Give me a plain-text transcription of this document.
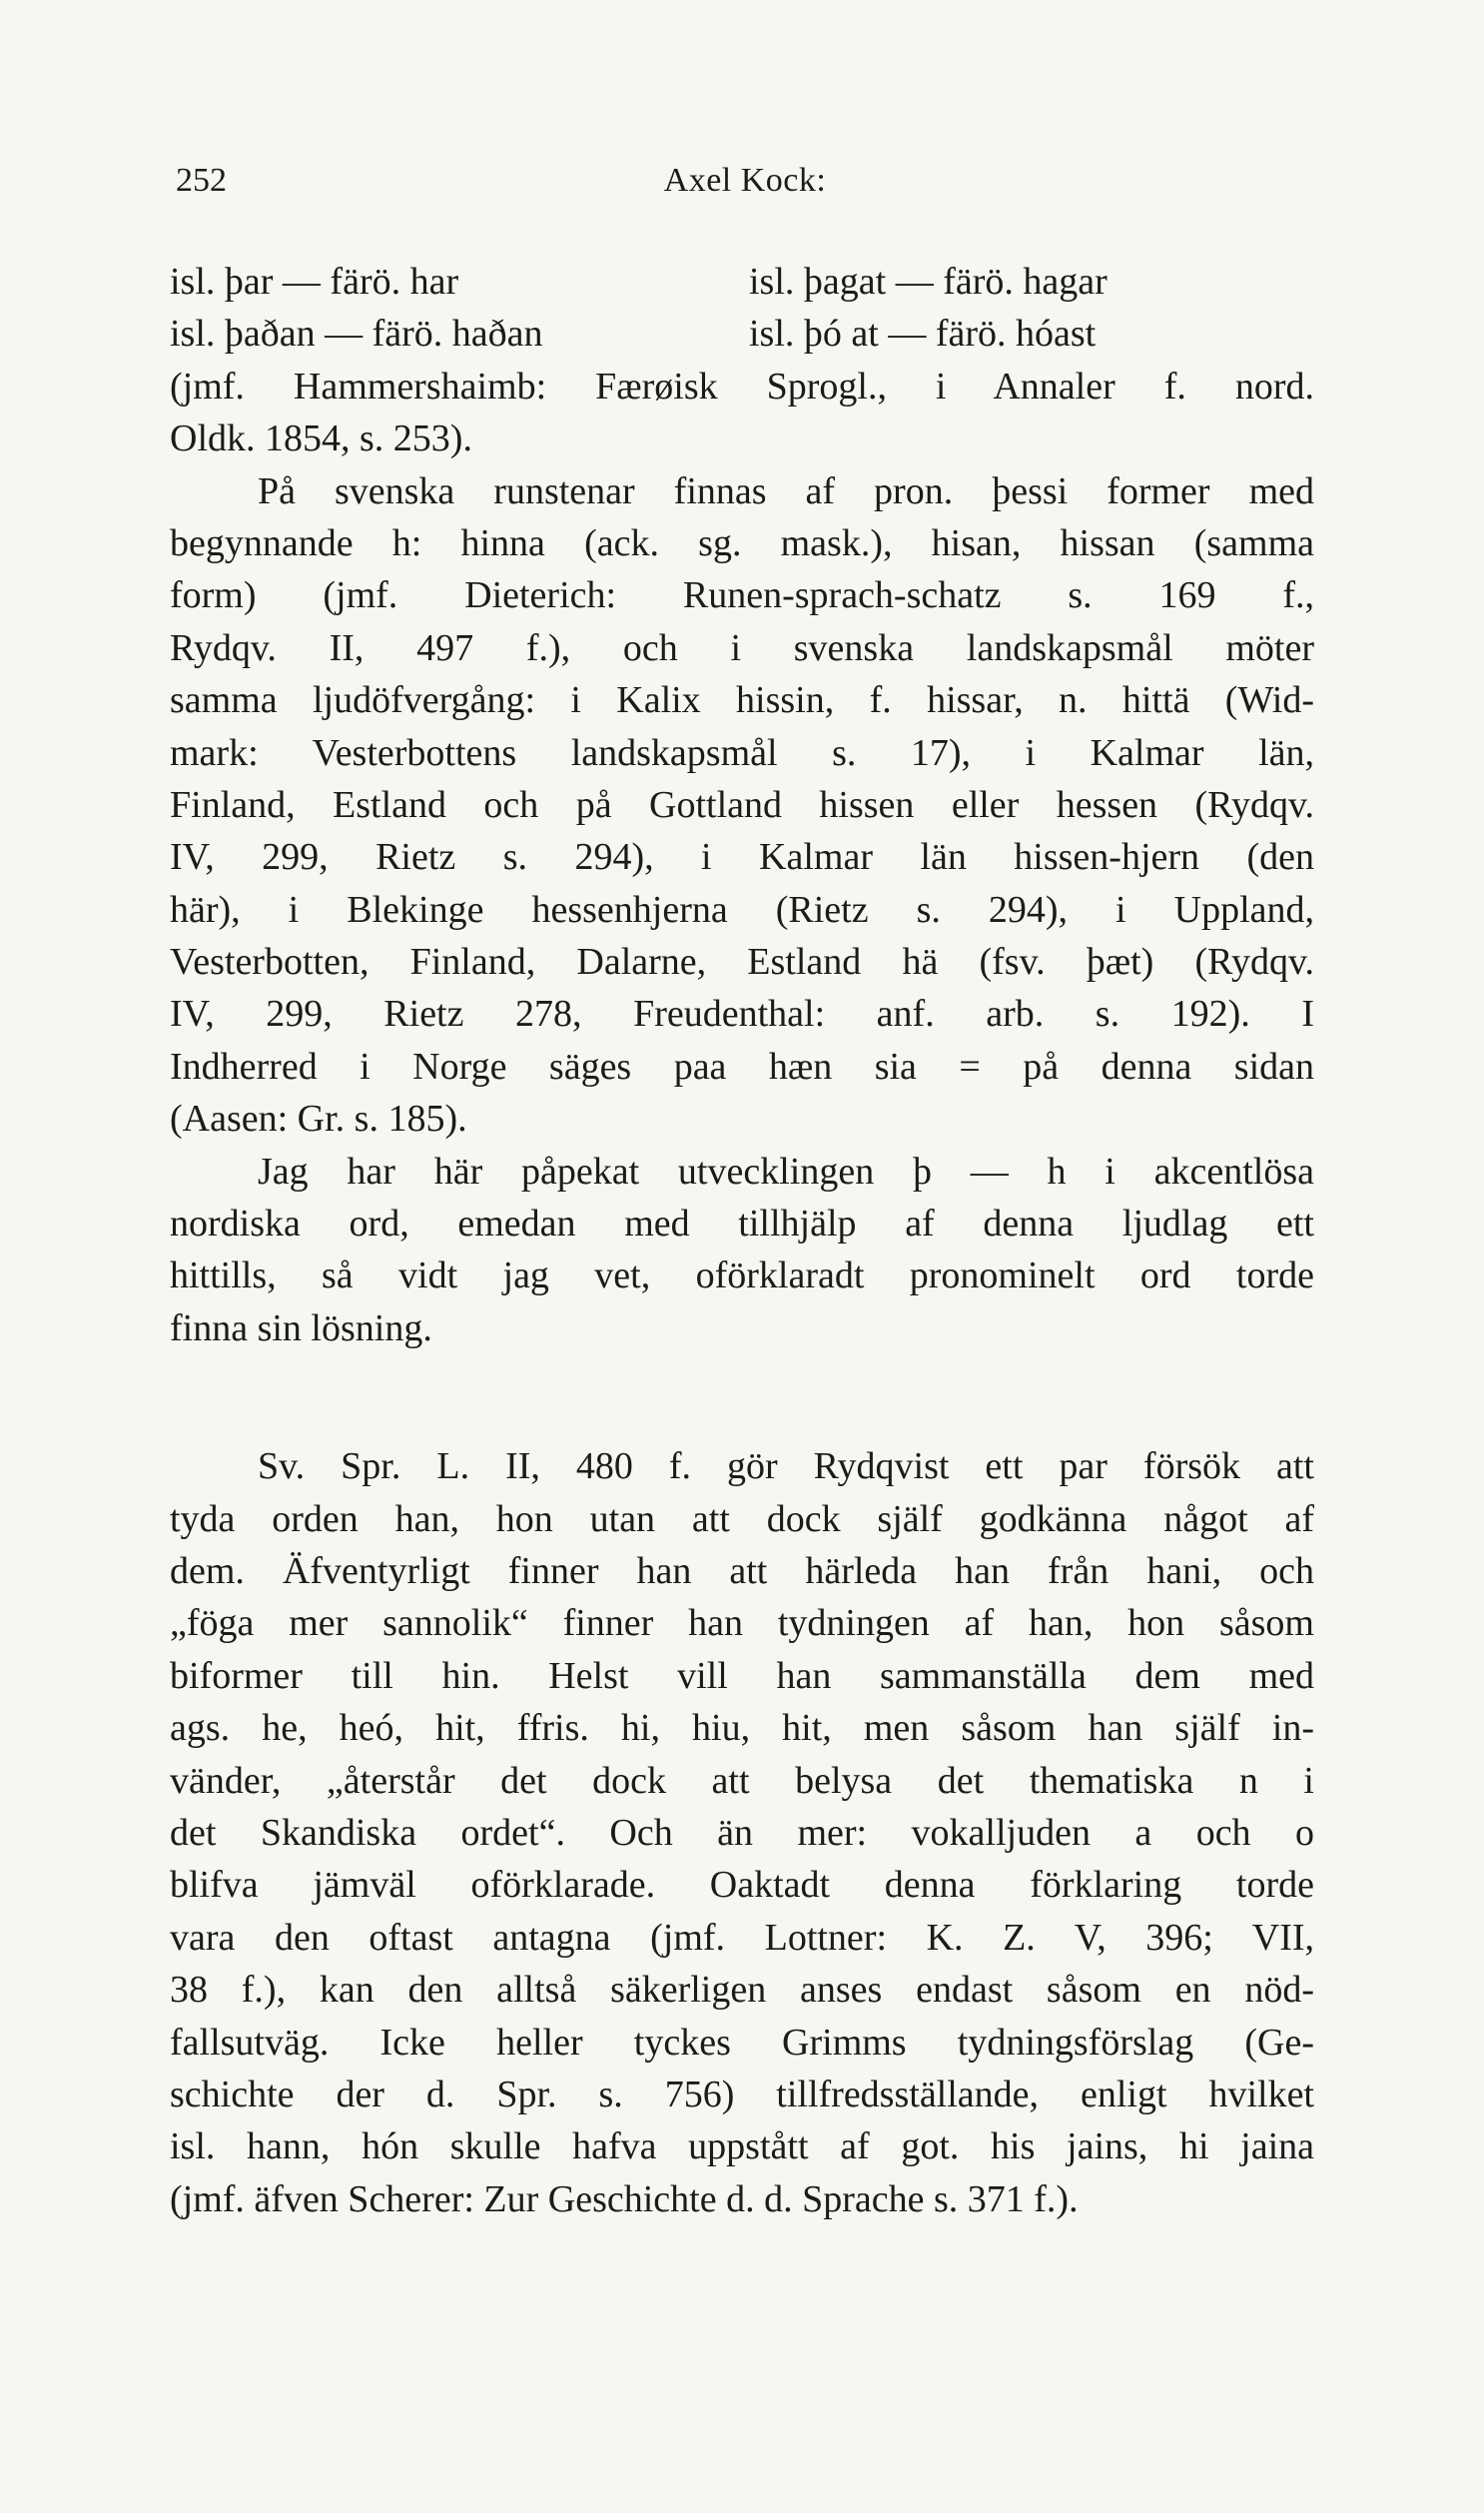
252	Axel Kock:
isl. þar — färö. har	isl. þagat — färö. hagar
isl. þaðan — färö. haðan	isl. þó at — färö. hóast
(jmf. Hammershaimb: Færøisk Sprogl., i Annaler f. nord.
Oldk. 1854, s. 253).
På svenska runstenar finnas af pron. þessi former med
begynnande h: hinna (ack. sg. mask.), hisan, hissan (samma
form) (jmf. Dieterich: Runen-sprach-schatz s. 169 f.,
Rydqv. II, 497 f.), och i svenska landskapsmål möter
samma ljudöfvergång: i Kalix hissin, f. hissar, n. hittä (Wid-
mark: Vesterbottens landskapsmål s. 17), i Kalmar län,
Finland, Estland och på Gottland hissen eller hessen (Rydqv.
IV, 299, Rietz s. 294), i Kalmar län hissen-hjern (den
här), i Blekinge hessenhjerna (Rietz s. 294), i Uppland,
Vesterbotten, Finland, Dalarne, Estland hä (fsv. þæt) (Rydqv.
IV, 299, Rietz 278, Freudenthal: anf. arb. s. 192). I
Indherred i Norge säges paa hæn sia = på denna sidan
(Aasen: Gr. s. 185).
Jag har här påpekat utvecklingen þ — h i akcentlösa
nordiska ord, emedan med tillhjälp af denna ljudlag ett
hittills, så vidt jag vet, oförklaradt pronominelt ord torde
finna sin lösning.
Sv. Spr. L. II, 480 f. gör Rydqvist ett par försök att
tyda orden han, hon utan att dock själf godkänna något af
dem. Äfventyrligt finner han att härleda han från hani, och
„föga mer sannolik“ finner han tydningen af han, hon såsom
biformer till hin. Helst vill han sammanställa dem med
ags. he, heó, hit, ffris. hi, hiu, hit, men såsom han själf in-
vänder, „återstår det dock att belysa det thematiska n i
det Skandiska ordet“. Och än mer: vokalljuden a och o
blifva jämväl oförklarade. Oaktadt denna förklaring torde
vara den oftast antagna (jmf. Lottner: K. Z. V, 396; VII,
38 f.), kan den alltså säkerligen anses endast såsom en nöd-
fallsutväg. Icke heller tyckes Grimms tydningsförslag (Ge-
schichte der d. Spr. s. 756) tillfredsställande, enligt hvilket
isl. hann, hón skulle hafva uppstått af got. his jains, hi jaina
(jmf. äfven Scherer: Zur Geschichte d. d. Sprache s. 371 f.).
